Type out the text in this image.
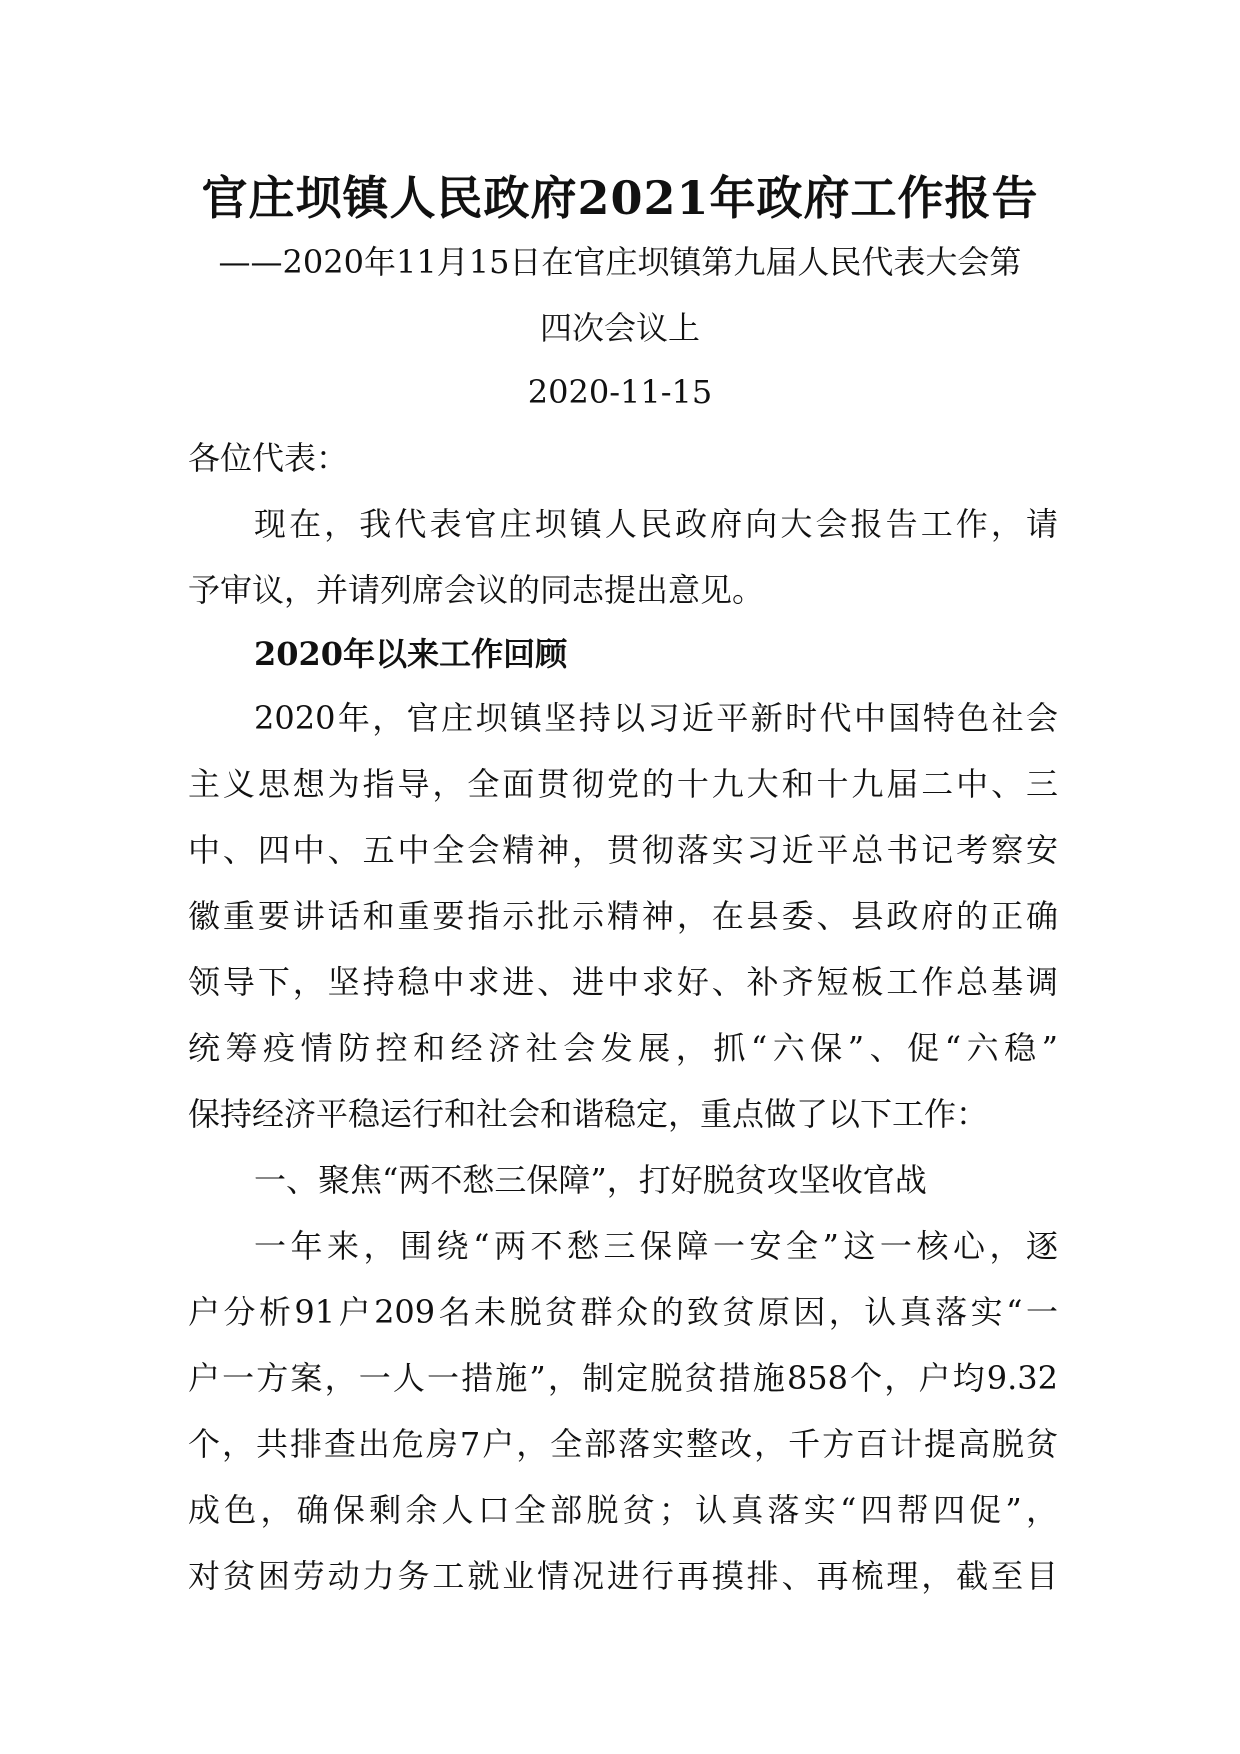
官庄坝镇人民政府2021年政府工作报告
——2020年11月15日在官庄坝镇第九届人民代表大会第
四次会议上
2020-11-15
各位代表：
现在，我代表官庄坝镇人民政府向大会报告工作，请
予审议，并请列席会议的同志提出意见。
2020年以来工作回顾
2020年，官庄坝镇坚持以习近平新时代中国特色社会
主义思想为指导，全面贯彻党的十九大和十九届二中、三
中、四中、五中全会精神，贯彻落实习近平总书记考察安
徽重要讲话和重要指示批示精神，在县委、县政府的正确
领导下，坚持稳中求进、进中求好、补齐短板工作总基调
统筹疫情防控和经济社会发展，抓“六保”、促“六稳”
保持经济平稳运行和社会和谐稳定，重点做了以下工作：
一、聚焦“两不愁三保障”，打好脱贫攻坚收官战
一年来，围绕“两不愁三保障一安全”这一核心，逐
户分析91户209名未脱贫群众的致贫原因，认真落实“一
户一方案，一人一措施”，制定脱贫措施858个，户均9.32
个，共排查出危房7户，全部落实整改，千方百计提高脱贫
成色，确保剩余人口全部脱贫；认真落实“四帮四促”，
对贫困劳动力务工就业情况进行再摸排、再梳理，截至目
